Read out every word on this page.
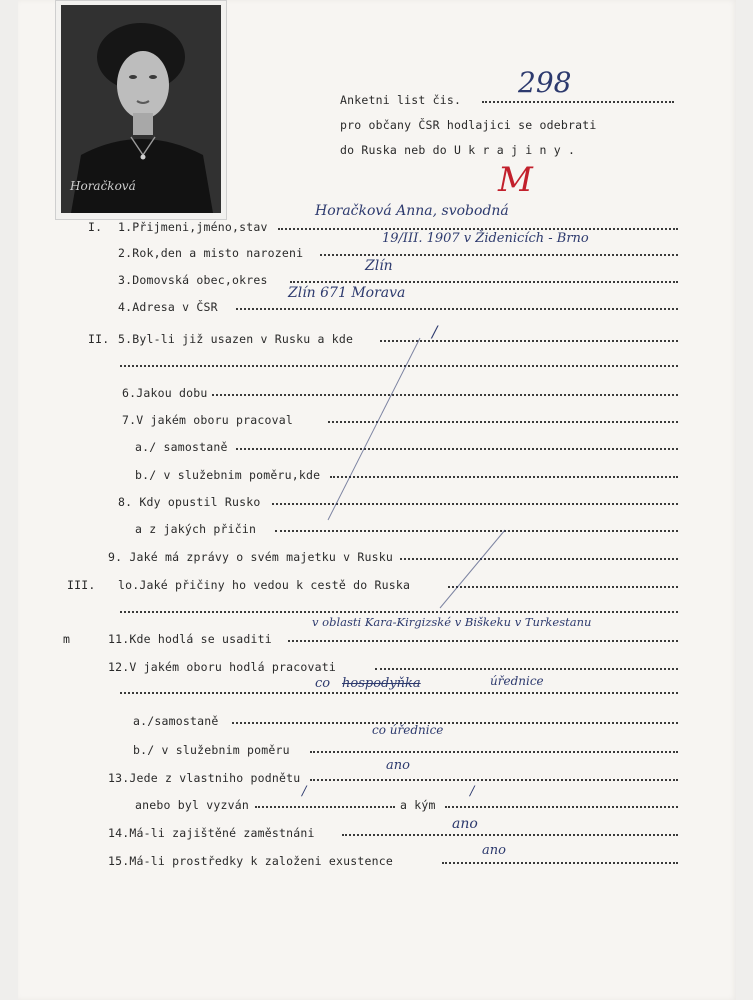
Horačková
Anketni list čis.
298
pro občany ČSR hodlajici se odebrati
do Ruska neb do U k r a j i n y .
M
I.
II.
III.
m
1.Přijmeni,jméno,stav
Horačková Anna, svobodná
2.Rok,den a misto narozeni
19/III. 1907 v Židenicích - Brno
3.Domovská obec,okres
Zlín
4.Adresa v ČSR
Zlín 671 Morava
5.Byl-li již usazen v Rusku a kde	/
6.Jakou dobu
7.V jakém oboru pracoval
a./ samostaně
b./ v služebnim poměru,kde
8. Kdy opustil Rusko
a z jakých přičin
9. Jaké má zprávy o svém majetku v Rusku
lo.Jaké přičiny ho vedou k cestě do Ruska
11.Kde hodlá se usaditi
v oblasti Kara-Kirgizské v Biškeku v Turkestanu
12.V jakém oboru hodlá pracovati
co hospodyňka	úřednice
a./samostaně
b./ v služebnim poměru
co úřednice
13.Jede z vlastniho podnětu
ano
anebo byl vyzván
/
a kým
/
14.Má-li zajištěné zaměstnáni
ano
15.Má-li prostředky k založeni exustence
ano
